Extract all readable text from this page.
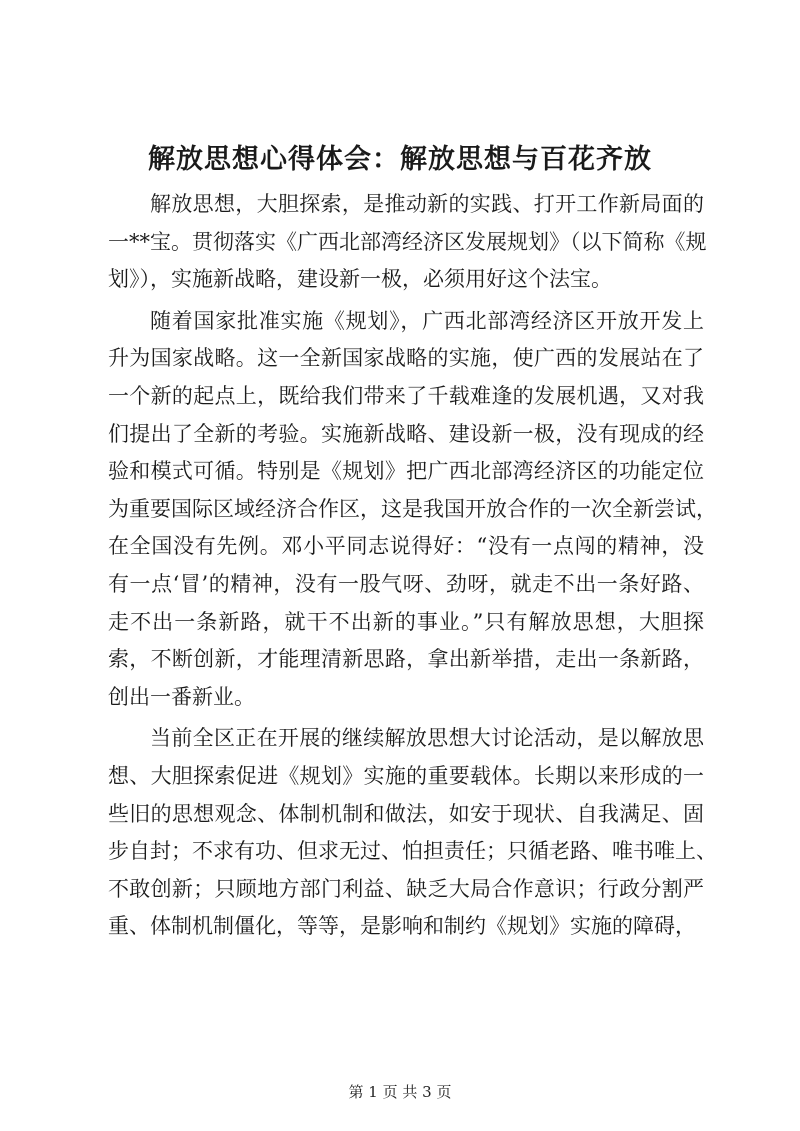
解放思想心得体会：解放思想与百花齐放

解放思想，大胆探索，是推动新的实践、打开工作新局面的
一**宝。贯彻落实《广西北部湾经济区发展规划》（以下简称《规
划》），实施新战略，建设新一极，必须用好这个法宝。

随着国家批准实施《规划》，广西北部湾经济区开放开发上
升为国家战略。这一全新国家战略的实施，使广西的发展站在了
一个新的起点上，既给我们带来了千载难逢的发展机遇，又对我
们提出了全新的考验。实施新战略、建设新一极，没有现成的经
验和模式可循。特别是《规划》把广西北部湾经济区的功能定位
为重要国际区域经济合作区，这是我国开放合作的一次全新尝试，
在全国没有先例。邓小平同志说得好：“没有一点闯的精神，没
有一点‘冒’的精神，没有一股气呀、劲呀，就走不出一条好路、
走不出一条新路，就干不出新的事业。”只有解放思想，大胆探
索，不断创新，才能理清新思路，拿出新举措，走出一条新路，
创出一番新业。

当前全区正在开展的继续解放思想大讨论活动，是以解放思
想、大胆探索促进《规划》实施的重要载体。长期以来形成的一
些旧的思想观念、体制机制和做法，如安于现状、自我满足、固
步自封；不求有功、但求无过、怕担责任；只循老路、唯书唯上、
不敢创新；只顾地方部门利益、缺乏大局合作意识；行政分割严
重、体制机制僵化，等等，是影响和制约《规划》实施的障碍，

第 1 页 共 3 页
